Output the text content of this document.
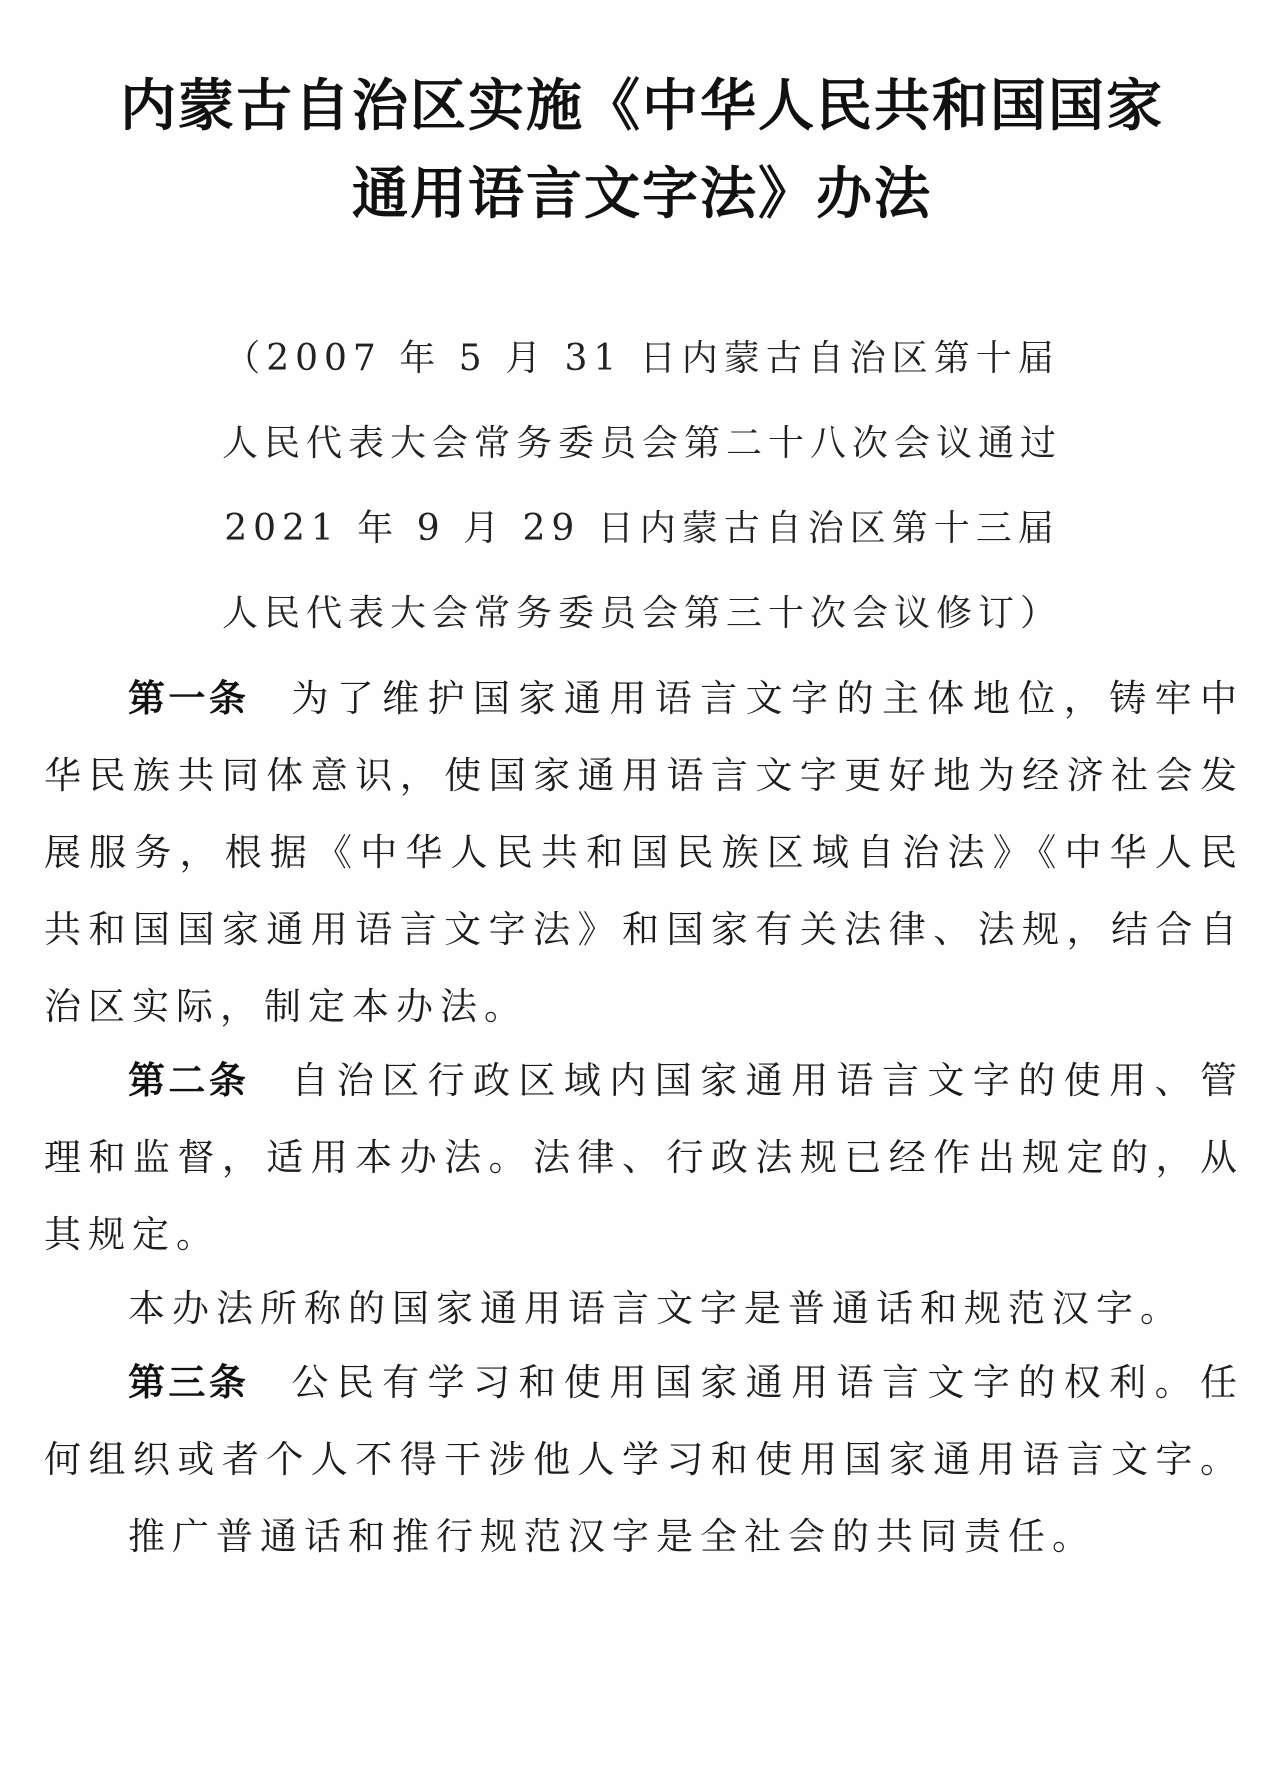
内蒙古自治区实施《中华人民共和国国家
通用语言文字法》办法
（2007 年 5 月 31 日内蒙古自治区第十届
人民代表大会常务委员会第二十八次会议通过
2021 年 9 月 29 日内蒙古自治区第十三届
人民代表大会常务委员会第三十次会议修订）
第一条 为了维护国家通用语言文字的主体地位，铸牢中
华民族共同体意识，使国家通用语言文字更好地为经济社会发
展服务，根据《中华人民共和国民族区域自治法》《中华人民
共和国国家通用语言文字法》和国家有关法律、法规，结合自
治区实际，制定本办法。
第二条 自治区行政区域内国家通用语言文字的使用、管
理和监督，适用本办法。法律、行政法规已经作出规定的，从
其规定。
本办法所称的国家通用语言文字是普通话和规范汉字。
第三条 公民有学习和使用国家通用语言文字的权利。任
何组织或者个人不得干涉他人学习和使用国家通用语言文字。
推广普通话和推行规范汉字是全社会的共同责任。
